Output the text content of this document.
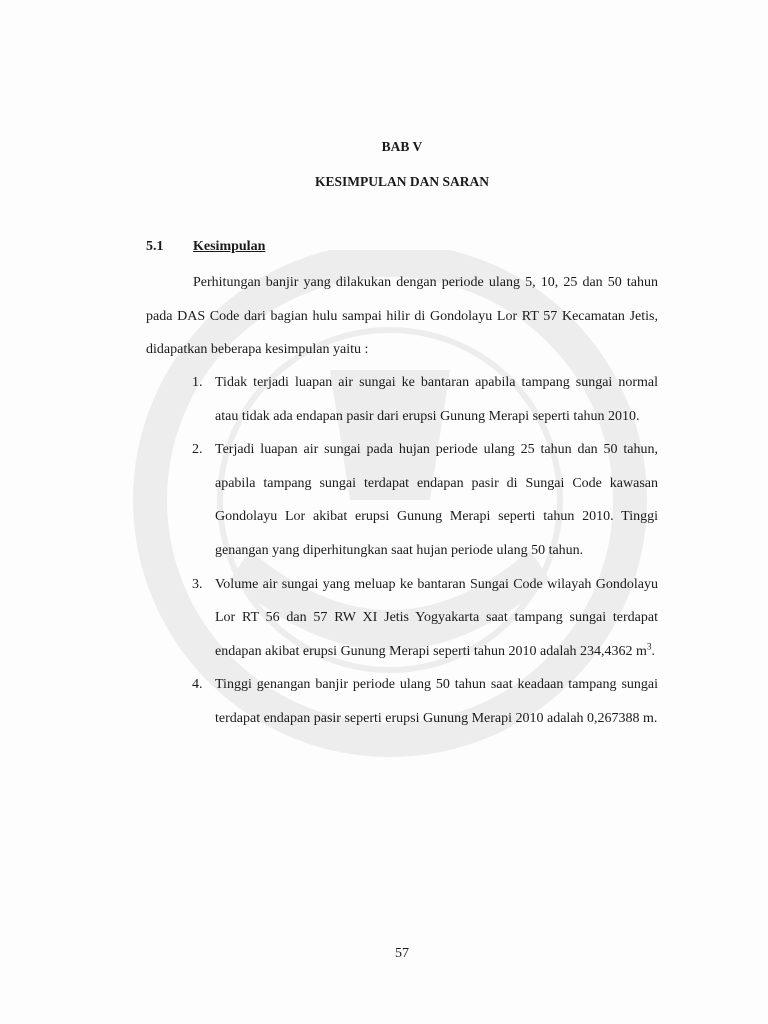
BAB V
KESIMPULAN DAN SARAN
5.1 Kesimpulan

Perhitungan banjir yang dilakukan dengan periode ulang 5, 10, 25 dan 50 tahun pada DAS Code dari bagian hulu sampai hilir di Gondolayu Lor RT 57 Kecamatan Jetis, didapatkan beberapa kesimpulan yaitu :

1. Tidak terjadi luapan air sungai ke bantaran apabila tampang sungai normal atau tidak ada endapan pasir dari erupsi Gunung Merapi seperti tahun 2010.
2. Terjadi luapan air sungai pada hujan periode ulang 25 tahun dan 50 tahun, apabila tampang sungai terdapat endapan pasir di Sungai Code kawasan Gondolayu Lor akibat erupsi Gunung Merapi seperti tahun 2010. Tinggi genangan yang diperhitungkan saat hujan periode ulang 50 tahun.
3. Volume air sungai yang meluap ke bantaran Sungai Code wilayah Gondolayu Lor RT 56 dan 57 RW XI Jetis Yogyakarta saat tampang sungai terdapat endapan akibat erupsi Gunung Merapi seperti tahun 2010 adalah 234,4362 $m^3$.
4. Tinggi genangan banjir periode ulang 50 tahun saat keadaan tampang sungai terdapat endapan pasir seperti erupsi Gunung Merapi 2010 adalah 0,267388 m.
57
